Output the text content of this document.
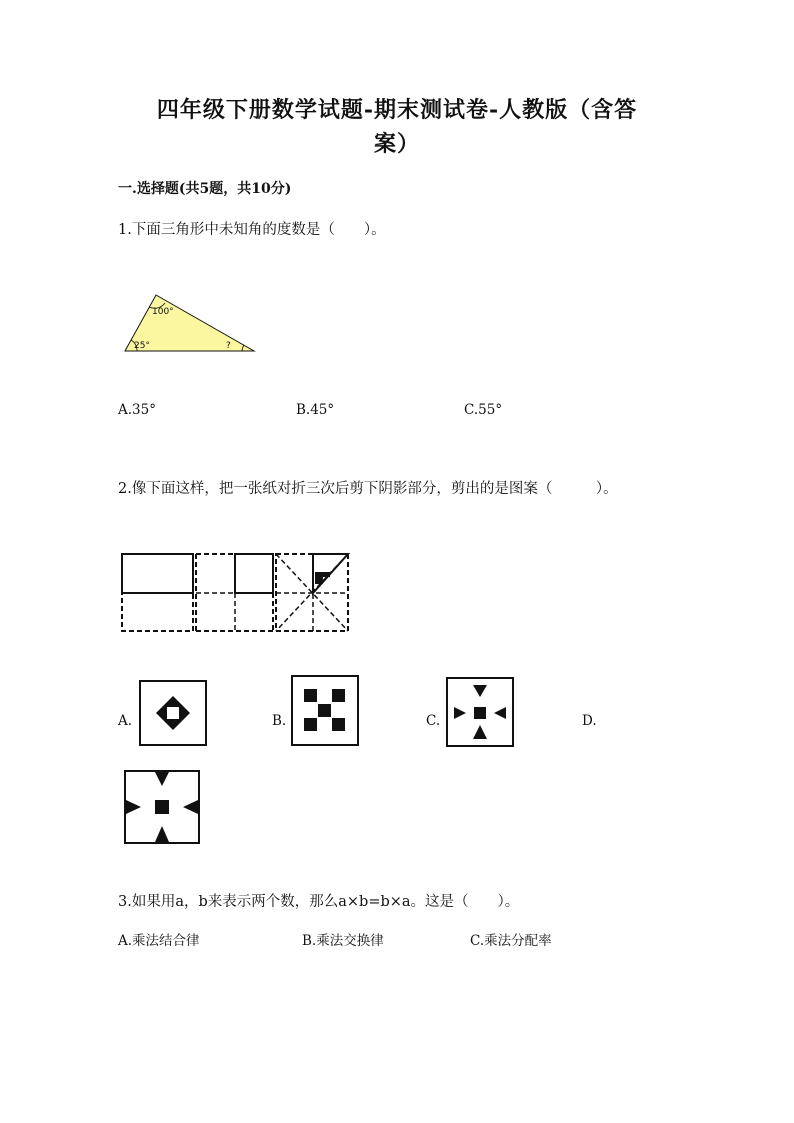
四年级下册数学试题-期末测试卷-人教版（含答
案）
一.选择题(共5题，共10分)
1.下面三角形中未知角的度数是（　　）。
100°
25°	?
A.35°	B.45°	C.55°
2.像下面这样，把一张纸对折三次后剪下阴影部分，剪出的是图案（　　　）。
A.	B.	C.	D.
3.如果用a，b来表示两个数，那么a×b=b×a。这是（　　）。
A.乘法结合律	B.乘法交换律	C.乘法分配率
